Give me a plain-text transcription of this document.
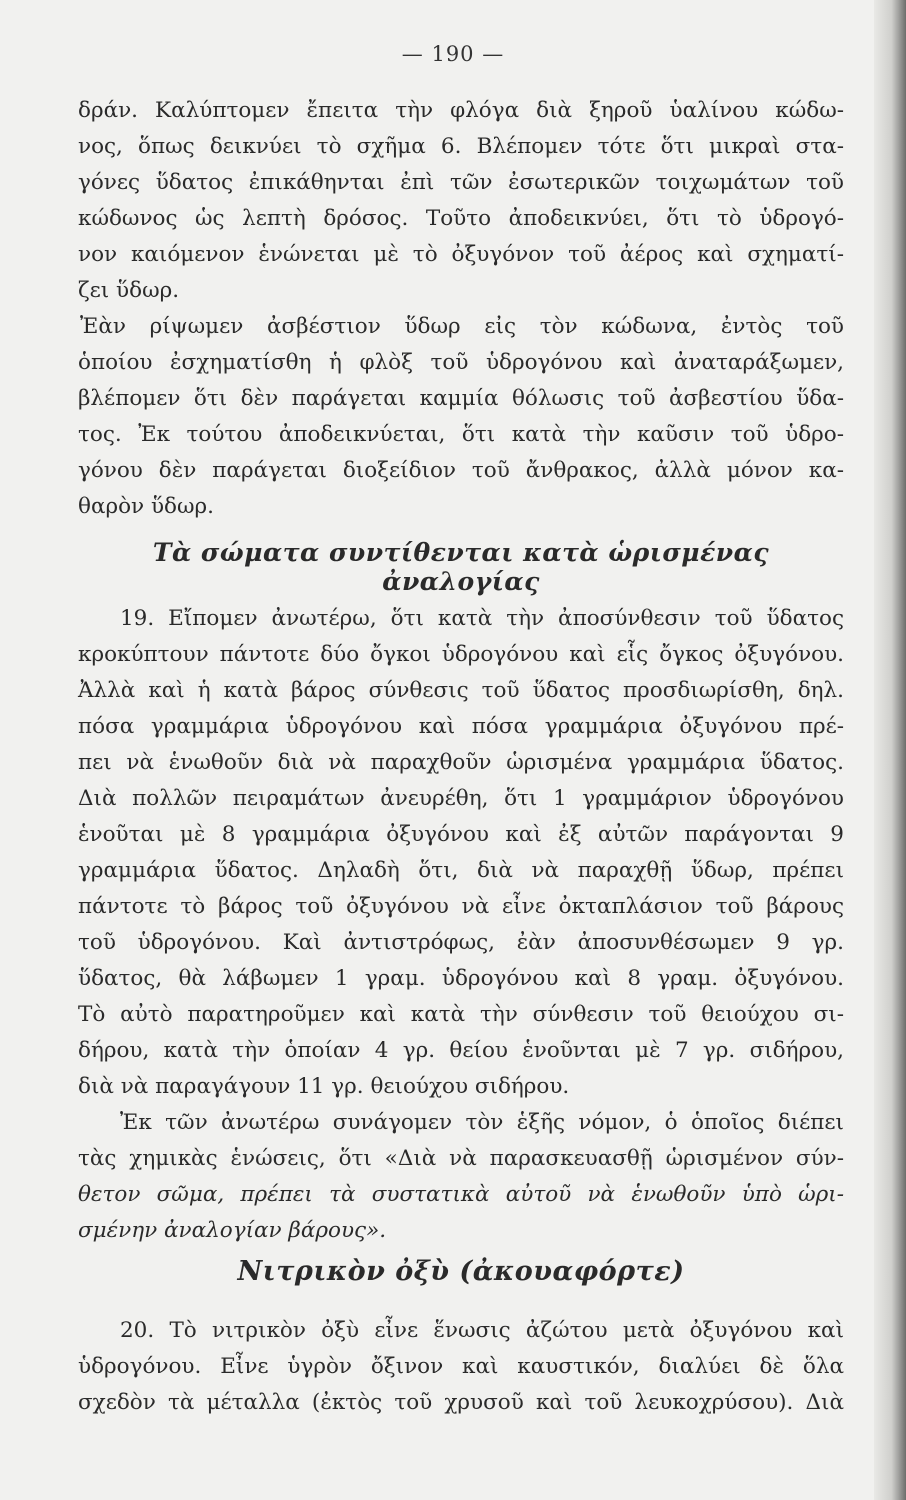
— 190 —
δράν. Καλύπτομεν ἔπειτα τὴν φλόγα διὰ ξηροῦ ὑαλίνου κώδω-
νος, ὅπως δεικνύει τὸ σχῆμα 6. Βλέπομεν τότε ὅτι μικραὶ στα-
γόνες ὕδατος ἐπικάθηνται ἐπὶ τῶν ἐσωτερικῶν τοιχωμάτων τοῦ
κώδωνος ὡς λεπτὴ δρόσος. Τοῦτο ἀποδεικνύει, ὅτι τὸ ὑδρογό-
νον καιόμενον ἑνώνεται μὲ τὸ ὀξυγόνον τοῦ ἀέρος καὶ σχηματί-
ζει ὕδωρ.
Ἐὰν ρίψωμεν ἀσβέστιον ὕδωρ εἰς τὸν κώδωνα, ἐντὸς τοῦ
ὁποίου ἐσχηματίσθη ἡ φλὸξ τοῦ ὑδρογόνου καὶ ἀναταράξωμεν,
βλέπομεν ὅτι δὲν παράγεται καμμία θόλωσις τοῦ ἀσβεστίου ὕδα-
τος. Ἐκ τούτου ἀποδεικνύεται, ὅτι κατὰ τὴν καῦσιν τοῦ ὑδρο-
γόνου δὲν παράγεται διοξείδιον τοῦ ἄνθρακος, ἀλλὰ μόνον κα-
θαρὸν ὕδωρ.
Τὰ σώματα συντίθενται κατὰ ὡρισμένας ἀναλογίας
19. Εἴπομεν ἀνωτέρω, ὅτι κατὰ τὴν ἀποσύνθεσιν τοῦ ὕδατος
κροκύπτουν πάντοτε δύο ὄγκοι ὑδρογόνου καὶ εἷς ὄγκος ὀξυγόνου.
Ἀλλὰ καὶ ἡ κατὰ βάρος σύνθεσις τοῦ ὕδατος προσδιωρίσθη, δηλ.
πόσα γραμμάρια ὑδρογόνου καὶ πόσα γραμμάρια ὀξυγόνου πρέ-
πει νὰ ἑνωθοῦν διὰ νὰ παραχθοῦν ὡρισμένα γραμμάρια ὕδατος.
Διὰ πολλῶν πειραμάτων ἀνευρέθη, ὅτι 1 γραμμάριον ὑδρογόνου
ἑνοῦται μὲ 8 γραμμάρια ὀξυγόνου καὶ ἐξ αὐτῶν παράγονται 9
γραμμάρια ὕδατος. Δηλαδὴ ὅτι, διὰ νὰ παραχθῇ ὕδωρ, πρέπει
πάντοτε τὸ βάρος τοῦ ὀξυγόνου νὰ εἶνε ὀκταπλάσιον τοῦ βάρους
τοῦ ὑδρογόνου. Καὶ ἀντιστρόφως, ἐὰν ἀποσυνθέσωμεν 9 γρ.
ὕδατος, θὰ λάβωμεν 1 γραμ. ὑδρογόνου καὶ 8 γραμ. ὀξυγόνου.
Τὸ αὐτὸ παρατηροῦμεν καὶ κατὰ τὴν σύνθεσιν τοῦ θειούχου σι-
δήρου, κατὰ τὴν ὁποίαν 4 γρ. θείου ἑνοῦνται μὲ 7 γρ. σιδήρου,
διὰ νὰ παραγάγουν 11 γρ. θειούχου σιδήρου.
Ἐκ τῶν ἀνωτέρω συνάγομεν τὸν ἑξῆς νόμον, ὁ ὁποῖος διέπει
τὰς χημικὰς ἑνώσεις, ὅτι «Διὰ νὰ παρασκευασθῇ ὡρισμένον σύν-
θετον σῶμα, πρέπει τὰ συστατικὰ αὐτοῦ νὰ ἑνωθοῦν ὑπὸ ὡρι-
σμένην ἀναλογίαν βάρους».
Νιτρικὸν ὀξὺ (ἀκουαφόρτε)
20. Τὸ νιτρικὸν ὀξὺ εἶνε ἕνωσις ἀζώτου μετὰ ὀξυγόνου καὶ
ὑδρογόνου. Εἶνε ὑγρὸν ὄξινον καὶ καυστικόν, διαλύει δὲ ὅλα
σχεδὸν τὰ μέταλλα (ἐκτὸς τοῦ χρυσοῦ καὶ τοῦ λευκοχρύσου). Διὰ
